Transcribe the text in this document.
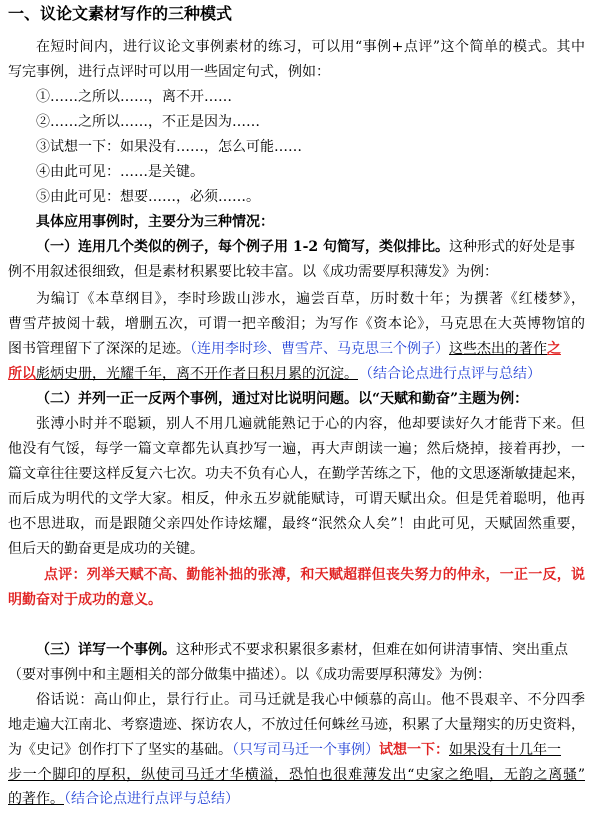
一、议论文素材写作的三种模式
在短时间内，进行议论文事例素材的练习，可以用“事例+点评”这个简单的模式。其中
写完事例，进行点评时可以用一些固定句式，例如：
①……之所以……，离不开……
②……之所以……，不正是因为……
③试想一下：如果没有……，怎么可能……
④由此可见：……是关键。
⑤由此可见：想要……，必须……。
具体应用事例时，主要分为三种情况：
（一）连用几个类似的例子，每个例子用 1-2 句简写，类似排比。这种形式的好处是事
例不用叙述很细致，但是素材积累要比较丰富。以《成功需要厚积薄发》为例：
为编订《本草纲目》，李时珍跋山涉水，遍尝百草，历时数十年；为撰著《红楼梦》，
曹雪芹披阅十载，增删五次，可谓一把辛酸泪；为写作《资本论》，马克思在大英博物馆的
图书管理留下了深深的足迹。（连用李时珍、曹雪芹、马克思三个例子）这些杰出的著作之
所以彪炳史册，光耀千年，离不开作者日积月累的沉淀。 （结合论点进行点评与总结）
（二）并列一正一反两个事例，通过对比说明问题。以“天赋和勤奋”主题为例：
张溥小时并不聪颖，别人不用几遍就能熟记于心的内容，他却要读好久才能背下来。但
他没有气馁，每学一篇文章都先认真抄写一遍，再大声朗读一遍；然后烧掉，接着再抄，一
篇文章往往要这样反复六七次。功夫不负有心人，在勤学苦练之下，他的文思逐渐敏捷起来，
而后成为明代的文学大家。相反，仲永五岁就能赋诗，可谓天赋出众。但是凭着聪明，他再
也不思进取，而是跟随父亲四处作诗炫耀，最终“泯然众人矣”！由此可见，天赋固然重要，
但后天的勤奋更是成功的关键。
点评：列举天赋不高、勤能补拙的张溥，和天赋超群但丧失努力的仲永，一正一反，说
明勤奋对于成功的意义。
（三）详写一个事例。这种形式不要求积累很多素材，但难在如何讲清事情、突出重点
（要对事例中和主题相关的部分做集中描述）。以《成功需要厚积薄发》为例：
俗话说：高山仰止，景行行止。司马迁就是我心中倾慕的高山。他不畏艰辛、不分四季
地走遍大江南北、考察遗迹、探访农人，不放过任何蛛丝马迹，积累了大量翔实的历史资料，
为《史记》创作打下了坚实的基础。（只写司马迁一个事例）试想一下：如果没有十几年一
步一个脚印的厚积，纵使司马迁才华横溢，恐怕也很难薄发出“史家之绝唱，无韵之离骚”
的著作。（结合论点进行点评与总结）
